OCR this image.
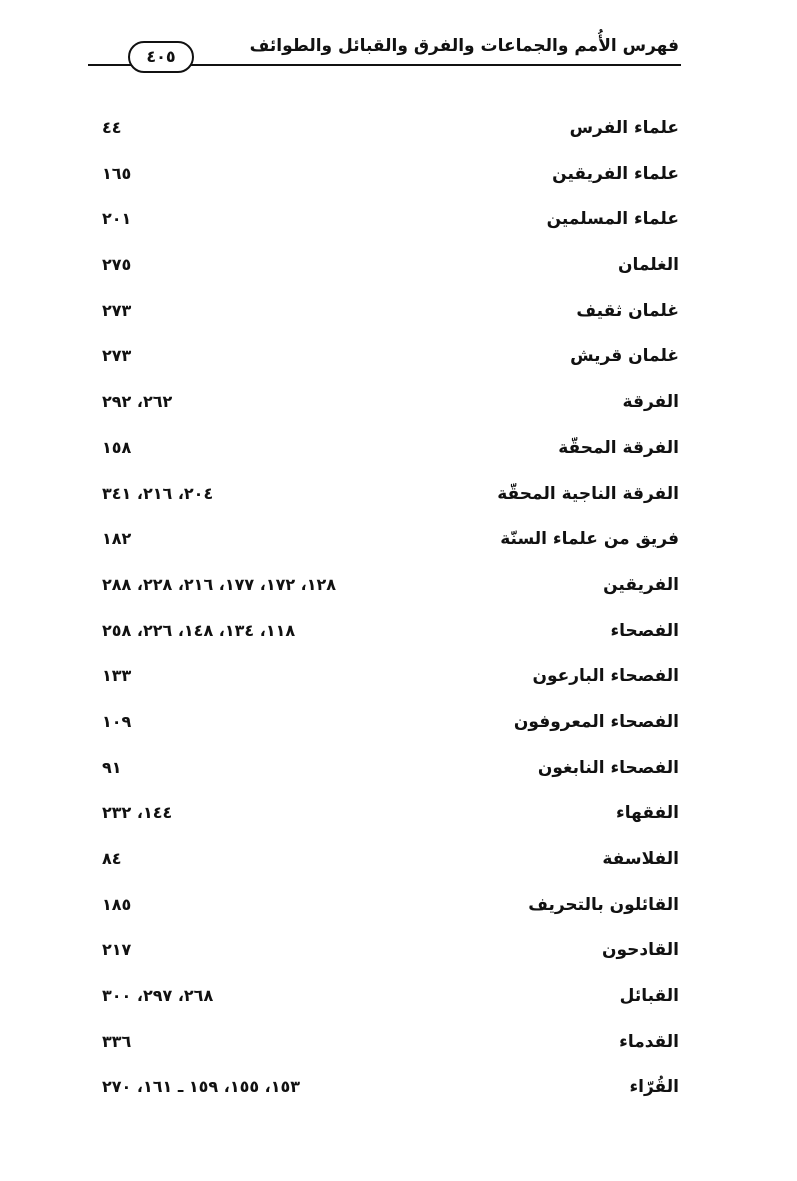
فهرس الأُمم والجماعات والفرق والقبائل والطوائف
٤٠٥
علماء الفرس
٤٤
علماء الفريقين
١٦٥
علماء المسلمين
٢٠١
الغلمان
٢٧٥
غلمان ثقيف
٢٧٣
غلمان قريش
٢٧٣
الفرقة
٢٦٢، ٢٩٢
الفرقة المحقّة
١٥٨
الفرقة الناجية المحقّة
٢٠٤، ٢١٦، ٣٤١
فريق من علماء السنّة
١٨٢
الفريقين
١٢٨، ١٧٢، ١٧٧، ٢١٦، ٢٢٨، ٢٨٨
الفصحاء
١١٨، ١٣٤، ١٤٨، ٢٢٦، ٢٥٨
الفصحاء البارعون
١٣٣
الفصحاء المعروفون
١٠٩
الفصحاء النابغون
٩١
الفقهاء
١٤٤، ٢٣٢
الفلاسفة
٨٤
القائلون بالتحريف
١٨٥
القادحون
٢١٧
القبائل
٢٦٨، ٢٩٧، ٣٠٠
القدماء
٣٣٦
القُرّاء
١٥٣، ١٥٥، ١٥٩ ـ ١٦١، ٢٧٠
